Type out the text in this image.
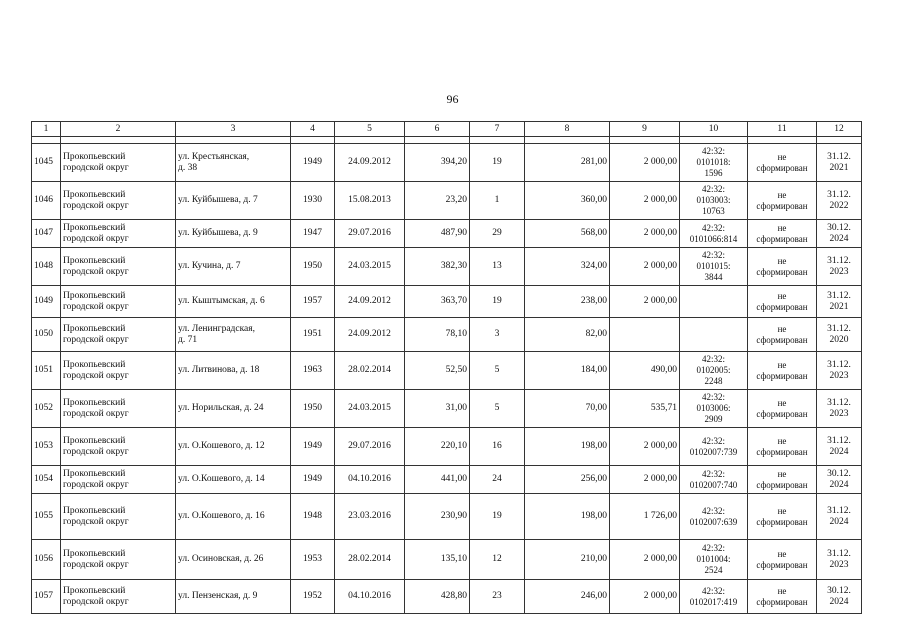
96
1	2	3	4	5	6	7	8	9	10	11	12

1045	Прокопьевский
городской округ	ул. Крестьянская,
д. 38	1949	24.09.2012	394,20	19	281,00	2 000,00	42:32:
0101018:
1596	не
сформирован	31.12.
2021
1046	Прокопьевский
городской округ	ул. Куйбышева, д. 7	1930	15.08.2013	23,20	1	360,00	2 000,00	42:32:
0103003:
10763	не
сформирован	31.12.
2022
1047	Прокопьевский
городской округ	ул. Куйбышева, д. 9	1947	29.07.2016	487,90	29	568,00	2 000,00	42:32:
0101066:814	не
сформирован	30.12.
2024
1048	Прокопьевский
городской округ	ул. Кучина, д. 7	1950	24.03.2015	382,30	13	324,00	2 000,00	42:32:
0101015:
3844	не
сформирован	31.12.
2023
1049	Прокопьевский
городской округ	ул. Кыштымская, д. 6	1957	24.09.2012	363,70	19	238,00	2 000,00		не
сформирован	31.12.
2021
1050	Прокопьевский
городской округ	ул. Ленинградская,
д. 71	1951	24.09.2012	78,10	3	82,00			не
сформирован	31.12.
2020
1051	Прокопьевский
городской округ	ул. Литвинова, д. 18	1963	28.02.2014	52,50	5	184,00	490,00	42:32:
0102005:
2248	не
сформирован	31.12.
2023
1052	Прокопьевский
городской округ	ул. Норильская, д. 24	1950	24.03.2015	31,00	5	70,00	535,71	42:32:
0103006:
2909	не
сформирован	31.12.
2023
1053	Прокопьевский
городской округ	ул. О.Кошевого, д. 12	1949	29.07.2016	220,10	16	198,00	2 000,00	42:32:
0102007:739	не
сформирован	31.12.
2024
1054	Прокопьевский
городской округ	ул. О.Кошевого, д. 14	1949	04.10.2016	441,00	24	256,00	2 000,00	42:32:
0102007:740	не
сформирован	30.12.
2024
1055	Прокопьевский
городской округ	ул. О.Кошевого, д. 16	1948	23.03.2016	230,90	19	198,00	1 726,00	42:32:
0102007:639	не
сформирован	31.12.
2024
1056	Прокопьевский
городской округ	ул. Осиновская, д. 26	1953	28.02.2014	135,10	12	210,00	2 000,00	42:32:
0101004:
2524	не
сформирован	31.12.
2023
1057	Прокопьевский
городской округ	ул. Пензенская, д. 9	1952	04.10.2016	428,80	23	246,00	2 000,00	42:32:
0102017:419	не
сформирован	30.12.
2024
